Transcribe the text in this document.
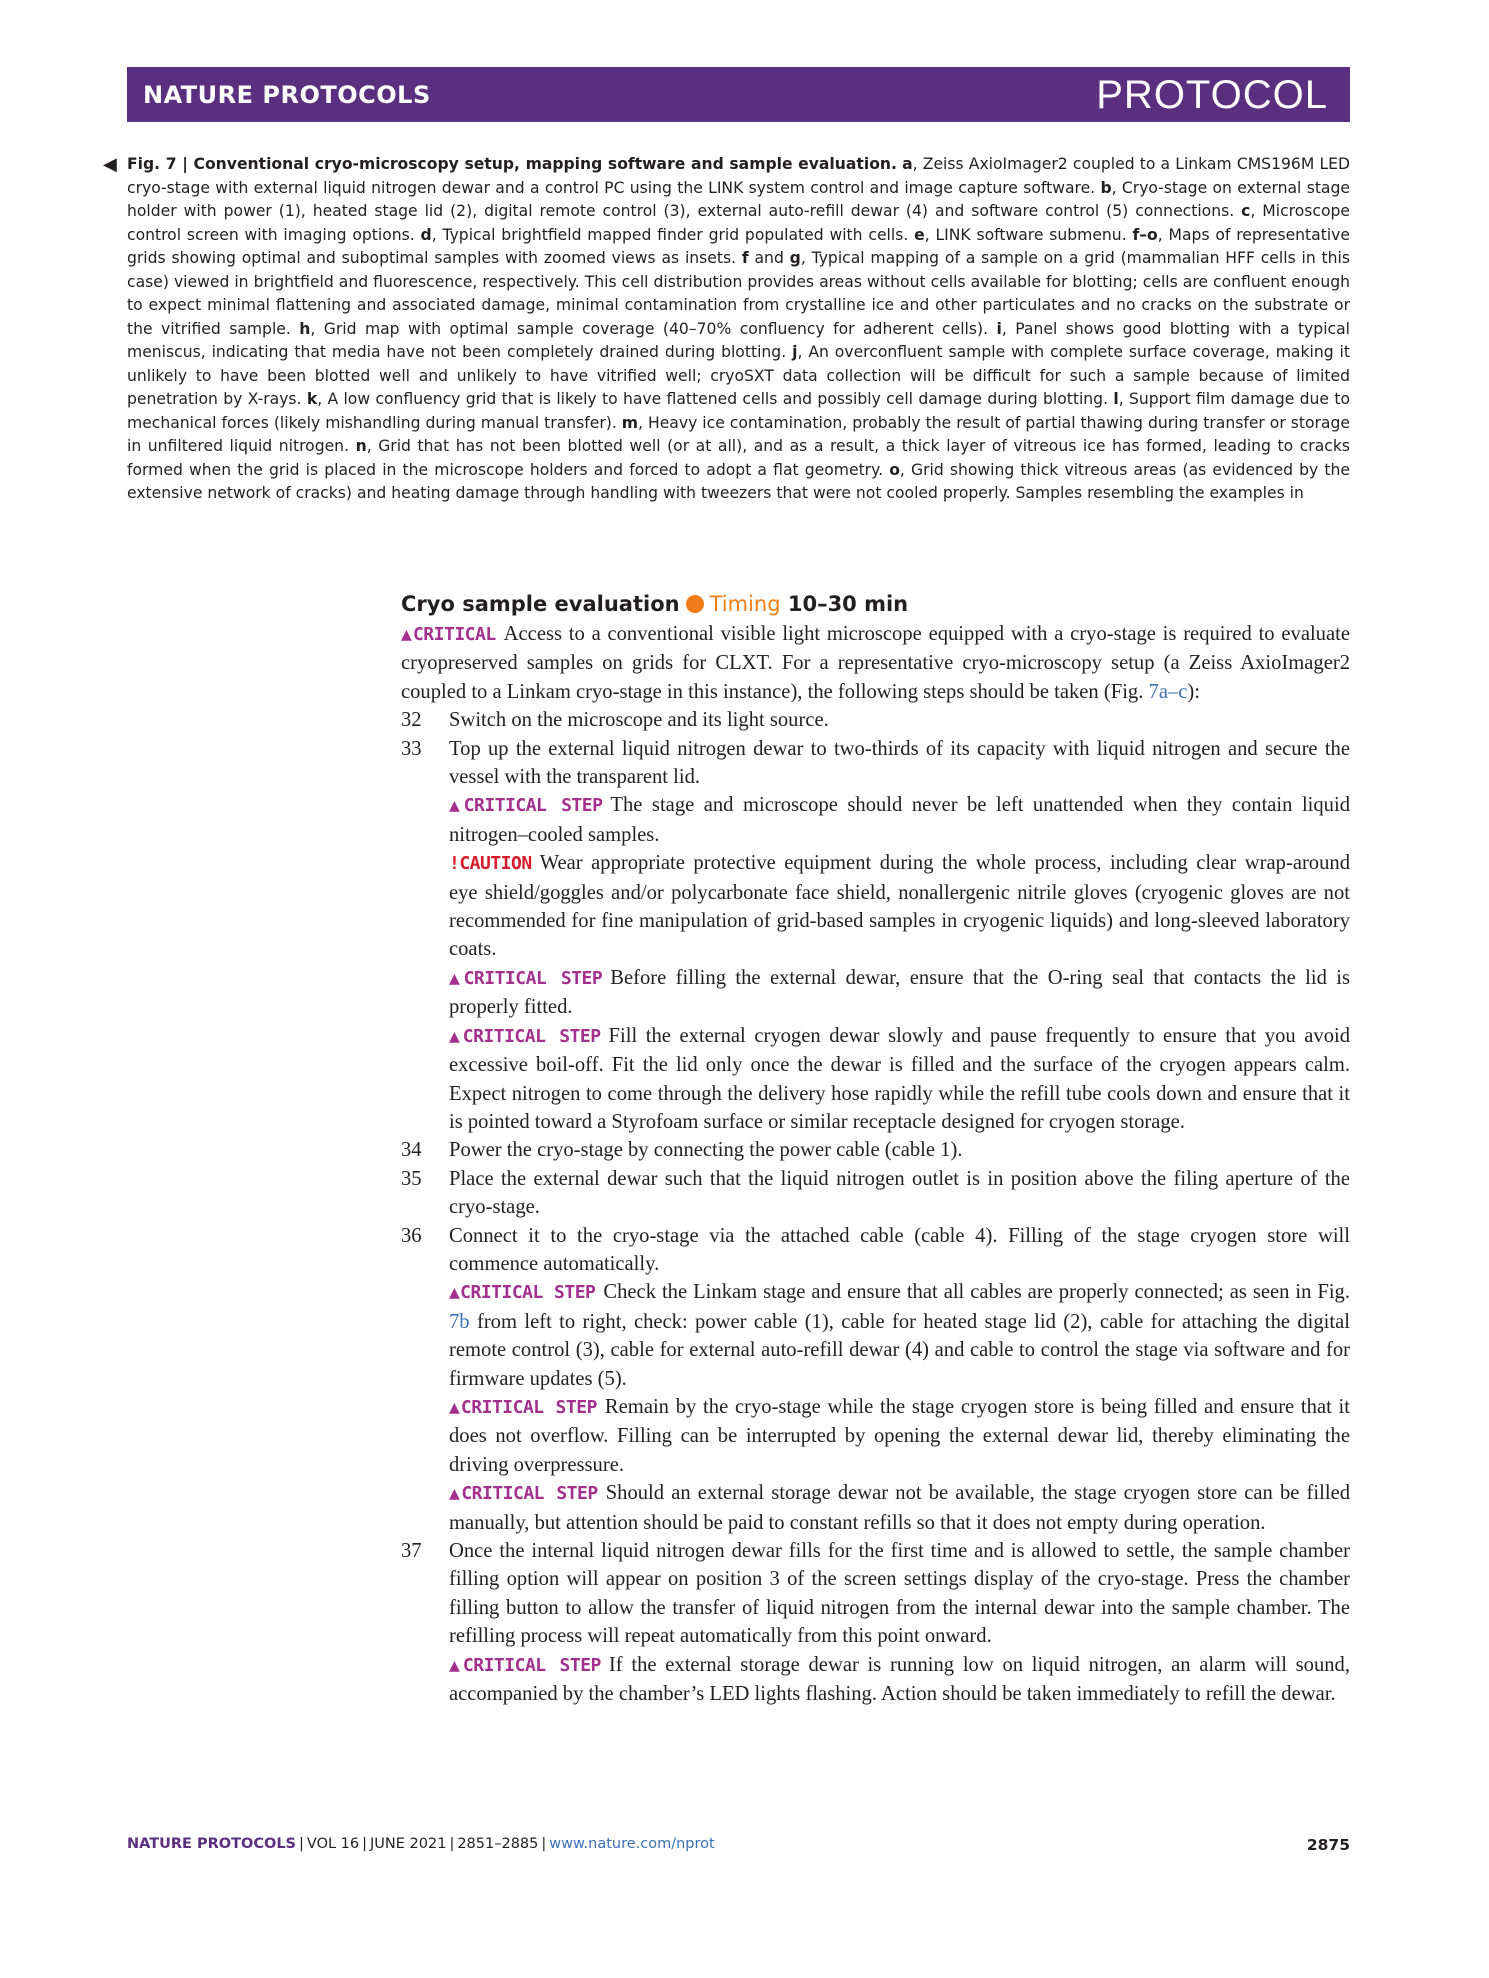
NATURE PROTOCOLS	PROTOCOL
◀ Fig. 7 | Conventional cryo-microscopy setup, mapping software and sample evaluation. a, Zeiss AxioImager2 coupled to a Linkam CMS196M LED cryo-stage with external liquid nitrogen dewar and a control PC using the LINK system control and image capture software. b, Cryo-stage on external stage holder with power (1), heated stage lid (2), digital remote control (3), external auto-refill dewar (4) and software control (5) connections. c, Microscope control screen with imaging options. d, Typical brightfield mapped finder grid populated with cells. e, LINK software submenu. f–o, Maps of representative grids showing optimal and suboptimal samples with zoomed views as insets. f and g, Typical mapping of a sample on a grid (mammalian HFF cells in this case) viewed in brightfield and fluorescence, respectively. This cell distribution provides areas without cells available for blotting; cells are confluent enough to expect minimal flattening and associated damage, minimal contamination from crystalline ice and other particulates and no cracks on the substrate or the vitrified sample. h, Grid map with optimal sample coverage (40–70% confluency for adherent cells). i, Panel shows good blotting with a typical meniscus, indicating that media have not been completely drained during blotting. j, An overconfluent sample with complete surface coverage, making it unlikely to have been blotted well and unlikely to have vitrified well; cryoSXT data collection will be difficult for such a sample because of limited penetration by X-rays. k, A low confluency grid that is likely to have flattened cells and possibly cell damage during blotting. l, Support film damage due to mechanical forces (likely mishandling during manual transfer). m, Heavy ice contamination, probably the result of partial thawing during transfer or storage in unfiltered liquid nitrogen. n, Grid that has not been blotted well (or at all), and as a result, a thick layer of vitreous ice has formed, leading to cracks formed when the grid is placed in the microscope holders and forced to adopt a flat geometry. o, Grid showing thick vitreous areas (as evidenced by the extensive network of cracks) and heating damage through handling with tweezers that were not cooled properly. Samples resembling the examples in
Cryo sample evaluation Timing 10–30 min
▲CRITICAL Access to a conventional visible light microscope equipped with a cryo-stage is required to evaluate cryopreserved samples on grids for CLXT. For a representative cryo-microscopy setup (a Zeiss AxioImager2 coupled to a Linkam cryo-stage in this instance), the following steps should be taken (Fig. 7a–c):
32 Switch on the microscope and its light source.
33 Top up the external liquid nitrogen dewar to two-thirds of its capacity with liquid nitrogen and secure the vessel with the transparent lid.
▲CRITICAL STEP The stage and microscope should never be left unattended when they contain liquid nitrogen–cooled samples.
!CAUTION Wear appropriate protective equipment during the whole process, including clear wrap-around eye shield/goggles and/or polycarbonate face shield, nonallergenic nitrile gloves (cryogenic gloves are not recommended for fine manipulation of grid-based samples in cryogenic liquids) and long-sleeved laboratory coats.
▲CRITICAL STEP Before filling the external dewar, ensure that the O-ring seal that contacts the lid is properly fitted.
▲CRITICAL STEP Fill the external cryogen dewar slowly and pause frequently to ensure that you avoid excessive boil-off. Fit the lid only once the dewar is filled and the surface of the cryogen appears calm. Expect nitrogen to come through the delivery hose rapidly while the refill tube cools down and ensure that it is pointed toward a Styrofoam surface or similar receptacle designed for cryogen storage.
34 Power the cryo-stage by connecting the power cable (cable 1).
35 Place the external dewar such that the liquid nitrogen outlet is in position above the filing aperture of the cryo-stage.
36 Connect it to the cryo-stage via the attached cable (cable 4). Filling of the stage cryogen store will commence automatically.
▲CRITICAL STEP Check the Linkam stage and ensure that all cables are properly connected; as seen in Fig. 7b from left to right, check: power cable (1), cable for heated stage lid (2), cable for attaching the digital remote control (3), cable for external auto-refill dewar (4) and cable to control the stage via software and for firmware updates (5).
▲CRITICAL STEP Remain by the cryo-stage while the stage cryogen store is being filled and ensure that it does not overflow. Filling can be interrupted by opening the external dewar lid, thereby eliminating the driving overpressure.
▲CRITICAL STEP Should an external storage dewar not be available, the stage cryogen store can be filled manually, but attention should be paid to constant refills so that it does not empty during operation.
37 Once the internal liquid nitrogen dewar fills for the first time and is allowed to settle, the sample chamber filling option will appear on position 3 of the screen settings display of the cryo-stage. Press the chamber filling button to allow the transfer of liquid nitrogen from the internal dewar into the sample chamber. The refilling process will repeat automatically from this point onward.
▲CRITICAL STEP If the external storage dewar is running low on liquid nitrogen, an alarm will sound, accompanied by the chamber’s LED lights flashing. Action should be taken immediately to refill the dewar.
NATURE PROTOCOLS | VOL 16 | JUNE 2021 | 2851–2885 | www.nature.com/nprot	2875
